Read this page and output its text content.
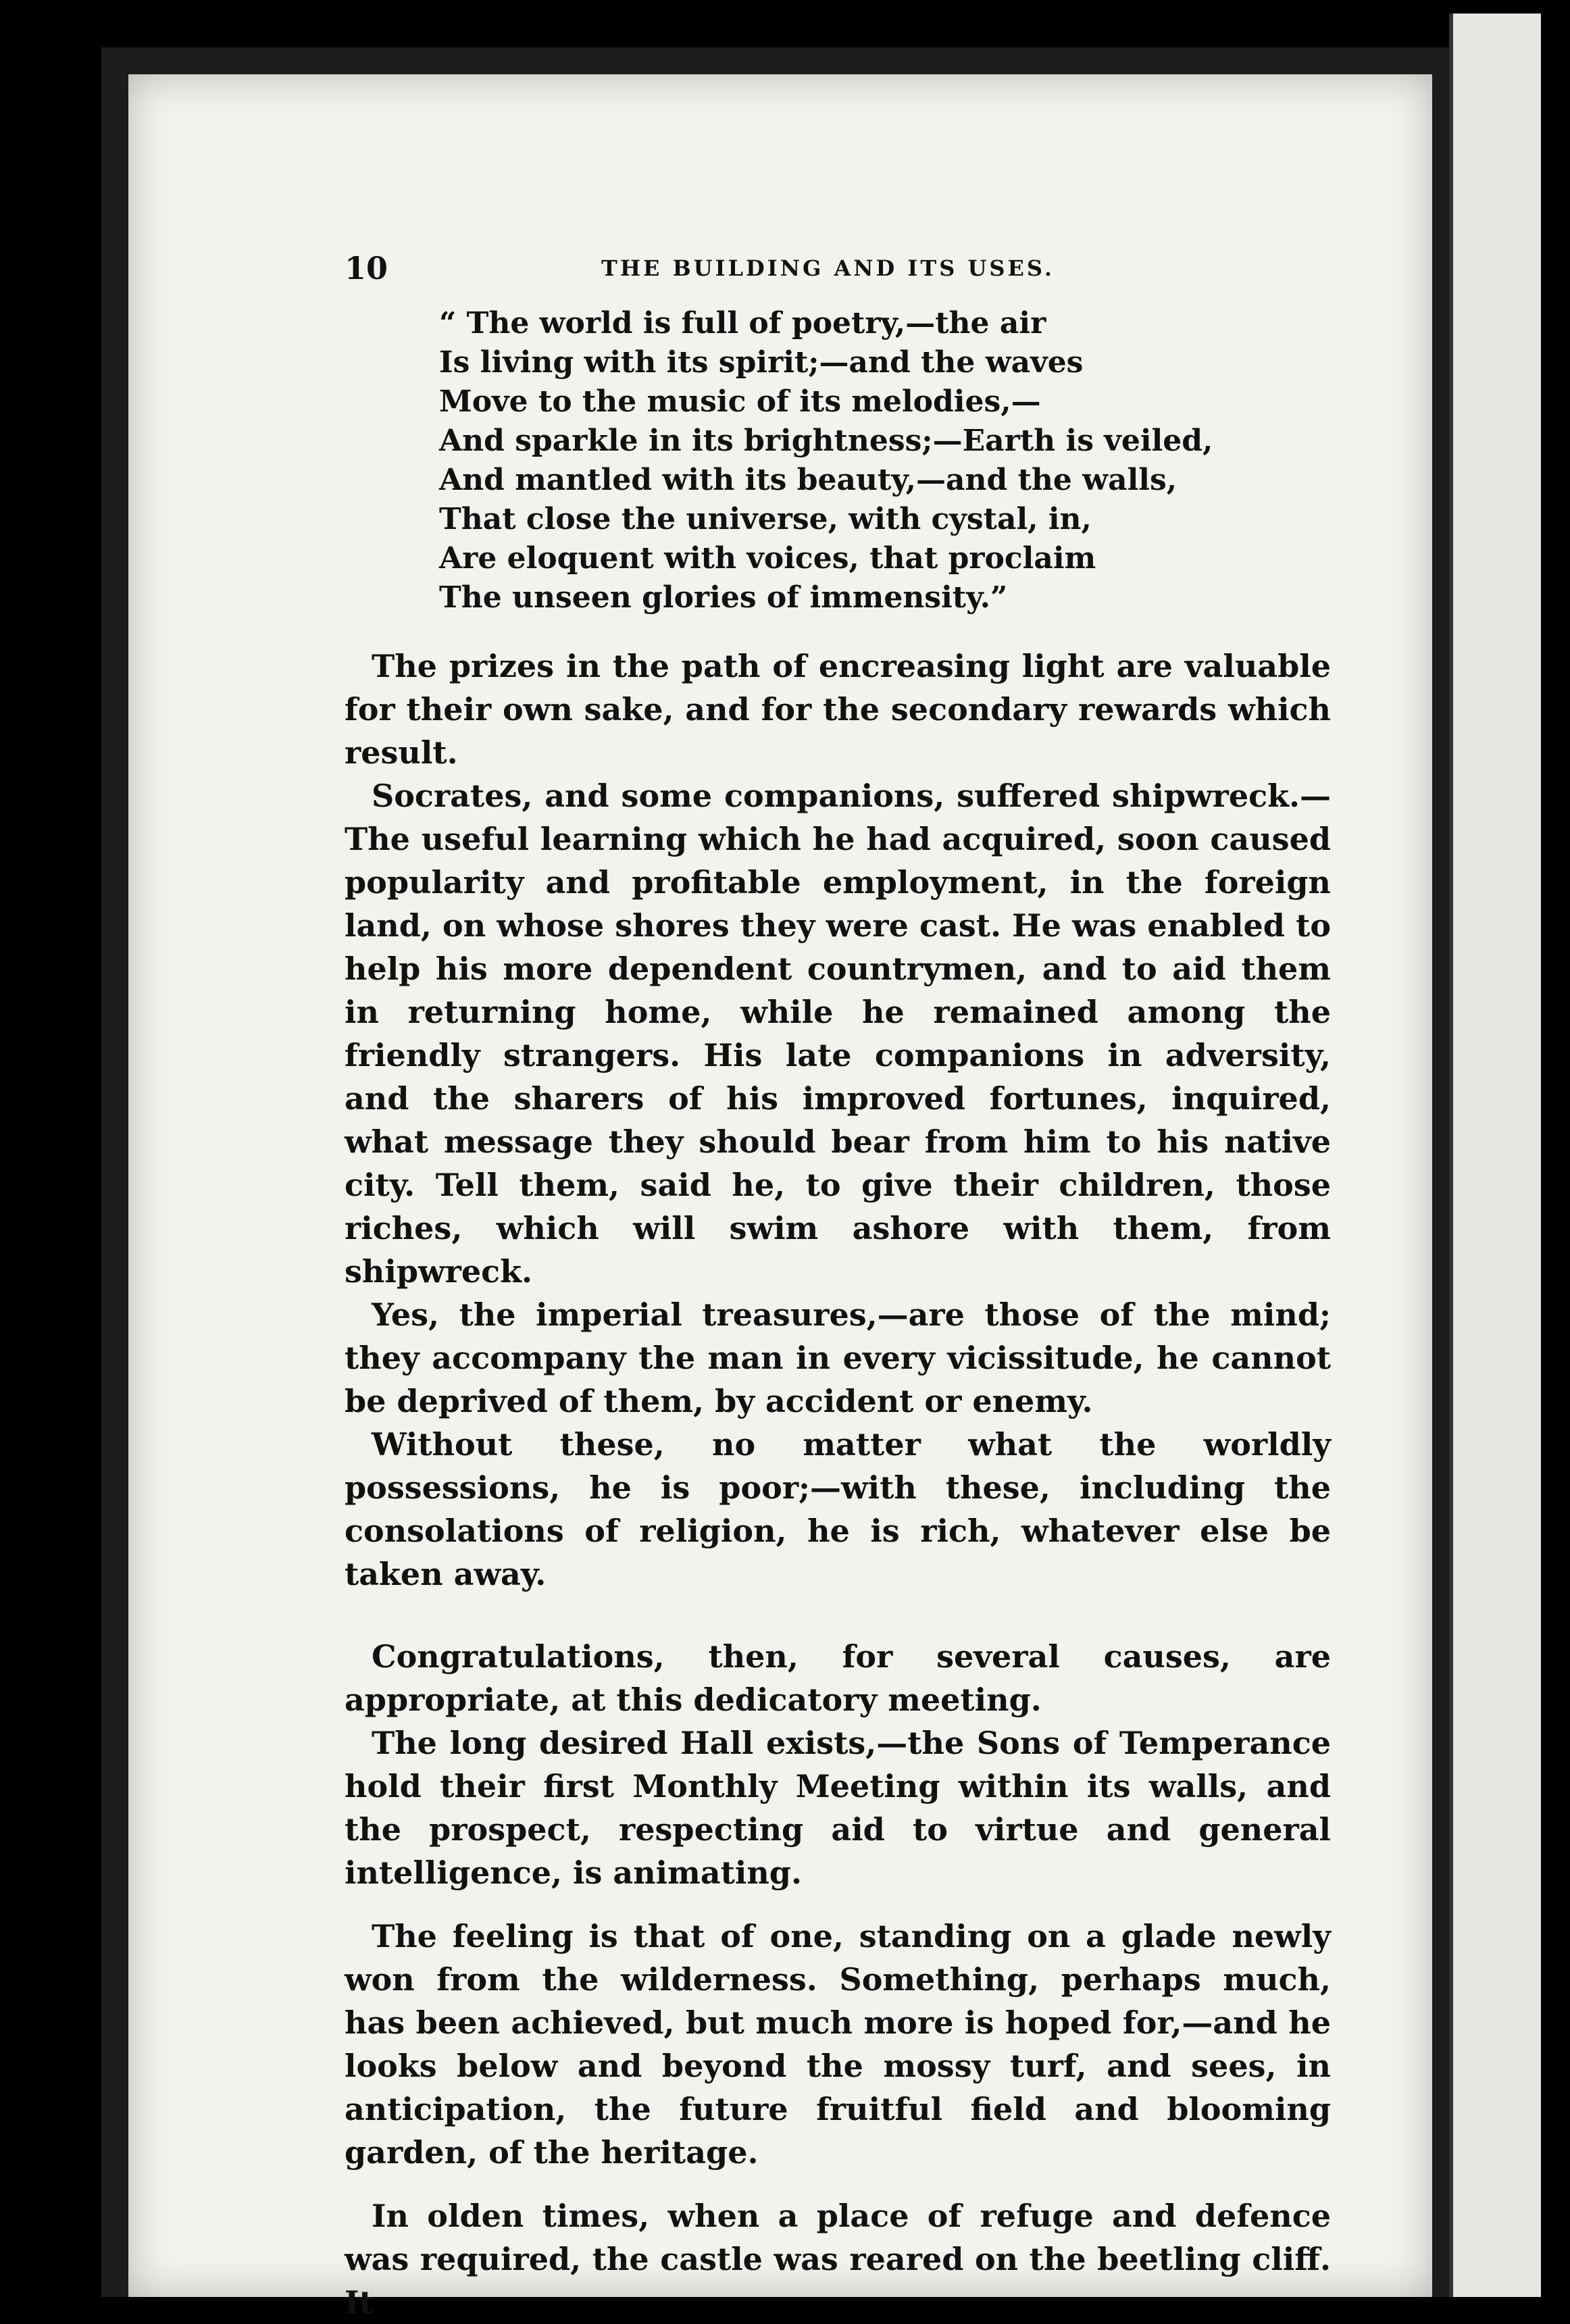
10	THE BUILDING AND ITS USES.
“ The world is full of poetry,—the air
Is living with its spirit;—and the waves
Move to the music of its melodies,—
And sparkle in its brightness;—Earth is veiled,
And mantled with its beauty,—and the walls,
That close the universe, with cystal, in,
Are eloquent with voices, that proclaim
The unseen glories of immensity.”

The prizes in the path of encreasing light are valuable for their own sake, and for the secondary rewards which result.

Socrates, and some companions, suffered shipwreck.—The useful learning which he had acquired, soon caused popularity and profitable employment, in the foreign land, on whose shores they were cast. He was enabled to help his more dependent countrymen, and to aid them in returning home, while he remained among the friendly strangers. His late companions in adversity, and the sharers of his improved fortunes, inquired, what message they should bear from him to his native city. Tell them, said he, to give their children, those riches, which will swim ashore with them, from shipwreck.

Yes, the imperial treasures,—are those of the mind; they accompany the man in every vicissitude, he cannot be deprived of them, by accident or enemy.

Without these, no matter what the worldly possessions, he is poor;—with these, including the consolations of religion, he is rich, whatever else be taken away.

Congratulations, then, for several causes, are appropriate, at this dedicatory meeting.

The long desired Hall exists,—the Sons of Temperance hold their first Monthly Meeting within its walls, and the prospect, respecting aid to virtue and general intelligence, is animating.

The feeling is that of one, standing on a glade newly won from the wilderness. Something, perhaps much, has been achieved, but much more is hoped for,—and he looks below and beyond the mossy turf, and sees, in anticipation, the future fruitful field and blooming garden, of the heritage.

In olden times, when a place of refuge and defence was required, the castle was reared on the beetling cliff. It
